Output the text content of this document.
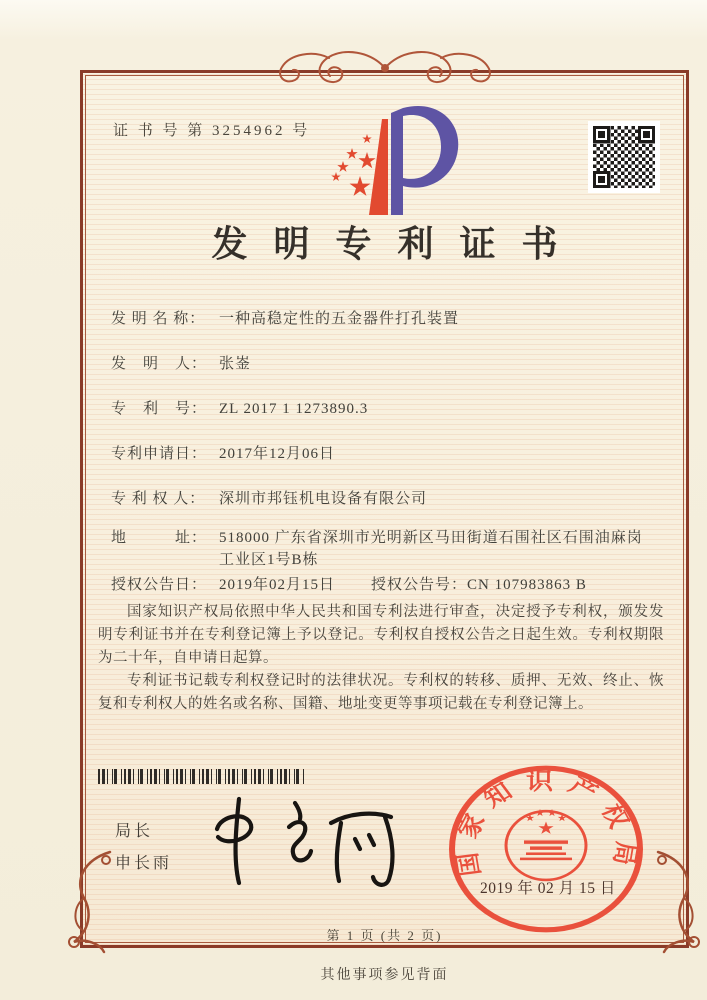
证 书 号 第 3254962 号
发明专利证书
发 明 名 称： 一种高稳定性的五金器件打孔装置
发　明　人： 张崟
专　利　号： ZL 2017 1 1273890.3
专利申请日： 2017年12月06日
专 利 权 人： 深圳市邦钰机电设备有限公司
地　　　址： 518000 广东省深圳市光明新区马田街道石围社区石围油麻岗工业区1号B栋
授权公告日： 2019年02月15日 授权公告号： CN 107983863 B

国家知识产权局依照中华人民共和国专利法进行审查，决定授予专利权，颁发发明专利证书并在专利登记簿上予以登记。专利权自授权公告之日起生效。专利权期限为二十年，自申请日起算。

专利证书记载专利权登记时的法律状况。专利权的转移、质押、无效、终止、恢复和专利权人的姓名或名称、国籍、地址变更等事项记载在专利登记簿上。

局长
申长雨
2019 年 02 月 15 日
国家知识产权局
第 1 页 (共 2 页)
其他事项参见背面
